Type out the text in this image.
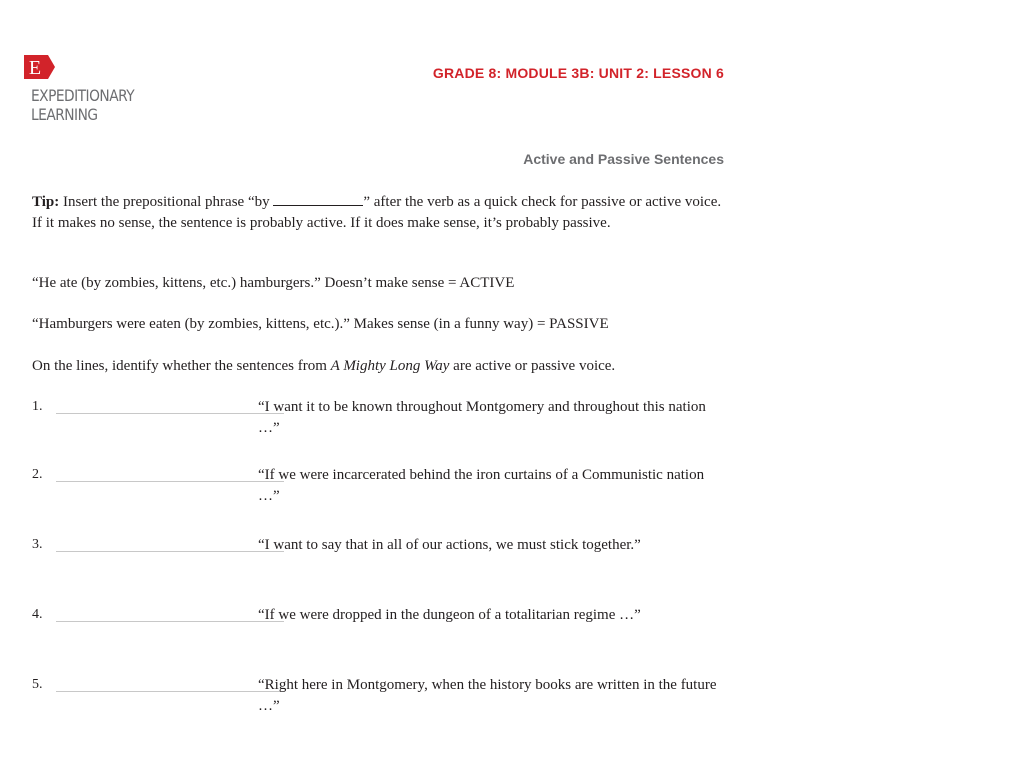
E
EXPEDITIONARY
LEARNING
GRADE 8: MODULE 3B: UNIT 2: LESSON 6
Active and Passive Sentences
Tip: Insert the prepositional phrase “by	” after the verb as a quick check for passive or active voice. If it makes no sense, the sentence is probably active. If it does make sense, it’s probably passive.
“He ate (by zombies, kittens, etc.) hamburgers.” Doesn’t make sense = ACTIVE
“Hamburgers were eaten (by zombies, kittens, etc.).” Makes sense (in a funny way) = PASSIVE
On the lines, identify whether the sentences from A Mighty Long Way are active or passive voice.
1.	“I want it to be known throughout Montgomery and throughout this nation …”
2.	“If we were incarcerated behind the iron curtains of a Communistic nation …”
3.	“I want to say that in all of our actions, we must stick together.”
4.	“If we were dropped in the dungeon of a totalitarian regime …”
5.	“Right here in Montgomery, when the history books are written in the future …”
